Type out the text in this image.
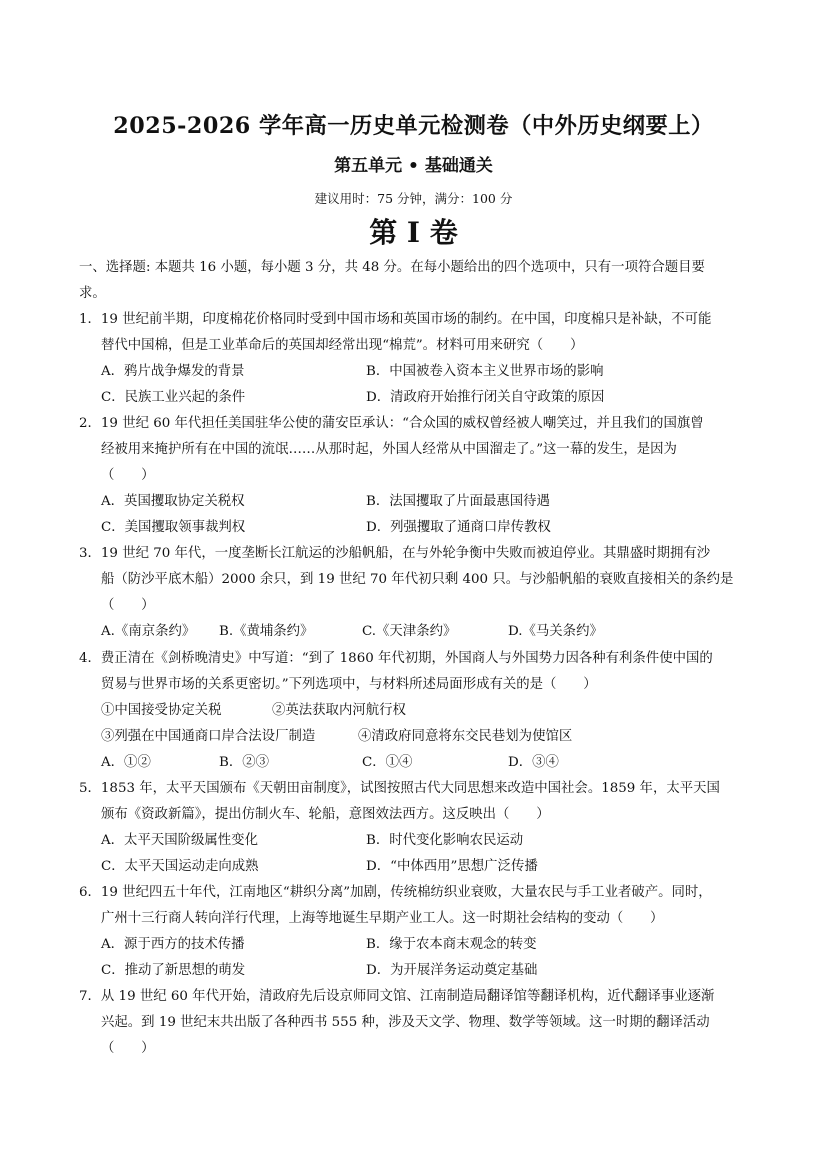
2025-2026 学年高一历史单元检测卷（中外历史纲要上）
第五单元 • 基础通关
建议用时：75 分钟，满分：100 分
第 I 卷
一、选择题: 本题共 16 小题，每小题 3 分，共 48 分。在每小题给出的四个选项中，只有一项符合题目要
求。
1．19 世纪前半期，印度棉花价格同时受到中国市场和英国市场的制约。在中国，印度棉只是补缺，不可能
替代中国棉，但是工业革命后的英国却经常出现“棉荒”。材料可用来研究（　　）
A．鸦片战争爆发的背景	B．中国被卷入资本主义世界市场的影响
C．民族工业兴起的条件	D．清政府开始推行闭关自守政策的原因
2．19 世纪 60 年代担任美国驻华公使的蒲安臣承认：“合众国的威权曾经被人嘲笑过，并且我们的国旗曾
经被用来掩护所有在中国的流氓……从那时起，外国人经常从中国溜走了。”这一幕的发生，是因为
（　　）
A．英国攫取协定关税权	B．法国攫取了片面最惠国待遇
C．美国攫取领事裁判权	D．列强攫取了通商口岸传教权
3．19 世纪 70 年代，一度垄断长江航运的沙船帆船，在与外轮争衡中失败而被迫停业。其鼎盛时期拥有沙
船（防沙平底木船）2000 余只，到 19 世纪 70 年代初只剩 400 只。与沙船帆船的衰败直接相关的条约是
（　　）
A.《南京条约》 B.《黄埔条约》	C.《天津条约》	D.《马关条约》
4．费正清在《剑桥晚清史》中写道：“到了 1860 年代初期，外国商人与外国势力因各种有利条件使中国的
贸易与世界市场的关系更密切。”下列选项中，与材料所述局面形成有关的是（　　）
①中国接受协定关税	②英法获取内河航行权
③列强在中国通商口岸合法设厂制造	④清政府同意将东交民巷划为使馆区
A．①②	B．②③	C．①④	D．③④
5．1853 年，太平天国颁布《天朝田亩制度》，试图按照古代大同思想来改造中国社会。1859 年，太平天国
颁布《资政新篇》，提出仿制火车、轮船，意图效法西方。这反映出（　　）
A．太平天国阶级属性变化	B．时代变化影响农民运动
C．太平天国运动走向成熟	D．“中体西用”思想广泛传播
6．19 世纪四五十年代，江南地区“耕织分离”加剧，传统棉纺织业衰败，大量农民与手工业者破产。同时，
广州十三行商人转向洋行代理，上海等地诞生早期产业工人。这一时期社会结构的变动（　　）
A．源于西方的技术传播	B．缘于农本商末观念的转变
C．推动了新思想的萌发	D．为开展洋务运动奠定基础
7．从 19 世纪 60 年代开始，清政府先后设京师同文馆、江南制造局翻译馆等翻译机构，近代翻译事业逐渐
兴起。到 19 世纪末共出版了各种西书 555 种，涉及天文学、物理、数学等领域。这一时期的翻译活动
（　　）
